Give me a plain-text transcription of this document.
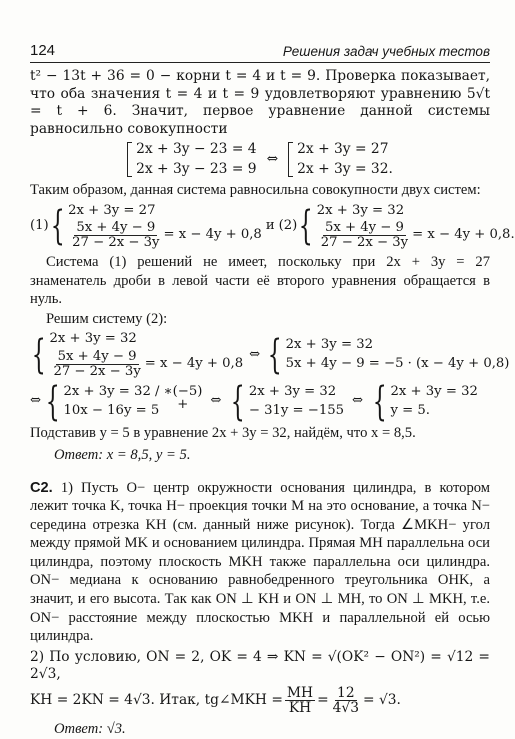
124	Решения задач учебных тестов

t² − 13t + 36 = 0 − корни t = 4 и t = 9. Проверка показывает, что оба значения t = 4 и t = 9 удовлетворяют уравнению 5√t = t + 6. Значит, первое уравнение данной системы равносильно совокупности

2x + 3y − 23 = 4
2x + 3y − 23 = 9
⇔
2x + 3y = 27
2x + 3y = 32.

Таким образом, данная система равносильна совокупности двух систем:

(1) { 2x + 3y = 27
$\frac{5x + 4y - 9}{27 - 2x - 3y} = x - 4y + 0,8$
и (2) { 2x + 3y = 32
$\frac{5x + 4y - 9}{27 - 2x - 3y} = x - 4y + 0,8$.

Система (1) решений не имеет, поскольку при 2x + 3y = 27 знаменатель дроби в левой части её второго уравнения обращается в нуль.

Решим систему (2):

{ 2x + 3y = 32
$\frac{5x + 4y - 9}{27 - 2x - 3y} = x - 4y + 0,8$
⇔ { 2x + 3y = 32
5x + 4y − 9 = −5 · (x − 4y + 0,8)
⇔ { 2x + 3y = 32 / ∗(−5)
10x − 16y = 5 + ⇔ { 2x + 3y = 32
− 31y = −155
⇔ { 2x + 3y = 32
y = 5.

Подставив y = 5 в уравнение 2x + 3y = 32, найдём, что x = 8,5.

Ответ: x = 8,5, y = 5.

С2. 1) Пусть O− центр окружности основания цилиндра, в котором лежит точка K, точка H− проекция точки M на это основание, а точка N− середина отрезка KH (см. данный ниже рисунок). Тогда ∠MKH− угол между прямой MK и основанием цилиндра. Прямая MH параллельна оси цилиндра, поэтому плоскость MKH также параллельна оси цилиндра. ON− медиана к основанию равнобедренного треугольника OHK, а значит, и его высота. Так как ON ⊥ KH и ON ⊥ MH, то ON ⊥ MKH, т.е. ON− расстояние между плоскостью MKH и параллельной ей осью цилиндра.

2) По условию, ON = 2, OK = 4 ⇒ KN = √(OK² − ON²) = √12 = 2√3,

KH = 2KN = 4√3. Итак, tg∠MKH = $\frac{MH}{KH} = \frac{12}{4√3} = √3$.

Ответ: √3.
